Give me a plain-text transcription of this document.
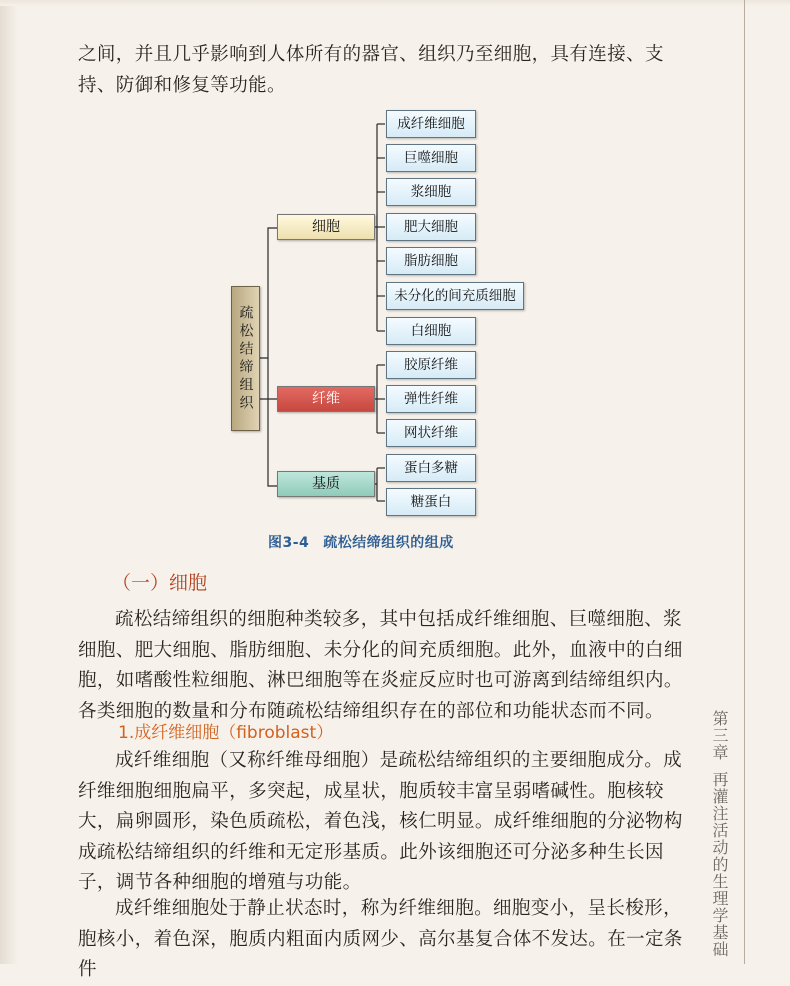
之间，并且几乎影响到人体所有的器官、组织乃至细胞，具有连接、支持、防御和修复等功能。

疏松结缔组织
细胞
纤维
基质
成纤维细胞
巨噬细胞
浆细胞
肥大细胞
脂肪细胞
未分化的间充质细胞
白细胞
胶原纤维
弹性纤维
网状纤维
蛋白多糖
糖蛋白
图3-4 疏松结缔组织的组成
（一）细胞

疏松结缔组织的细胞种类较多，其中包括成纤维细胞、巨噬细胞、浆细胞、肥大细胞、脂肪细胞、未分化的间充质细胞。此外，血液中的白细胞，如嗜酸性粒细胞、淋巴细胞等在炎症反应时也可游离到结缔组织内。各类细胞的数量和分布随疏松结缔组织存在的部位和功能状态而不同。

1.成纤维细胞（fibroblast）

成纤维细胞（又称纤维母细胞）是疏松结缔组织的主要细胞成分。成纤维细胞细胞扁平，多突起，成星状，胞质较丰富呈弱嗜碱性。胞核较大，扁卵圆形，染色质疏松，着色浅，核仁明显。成纤维细胞的分泌物构成疏松结缔组织的纤维和无定形基质。此外该细胞还可分泌多种生长因子，调节各种细胞的增殖与功能。

成纤维细胞处于静止状态时，称为纤维细胞。细胞变小，呈长梭形，胞核小，着色深，胞质内粗面内质网少、高尔基复合体不发达。在一定条件

第三章再灌注活动的生理学基础
